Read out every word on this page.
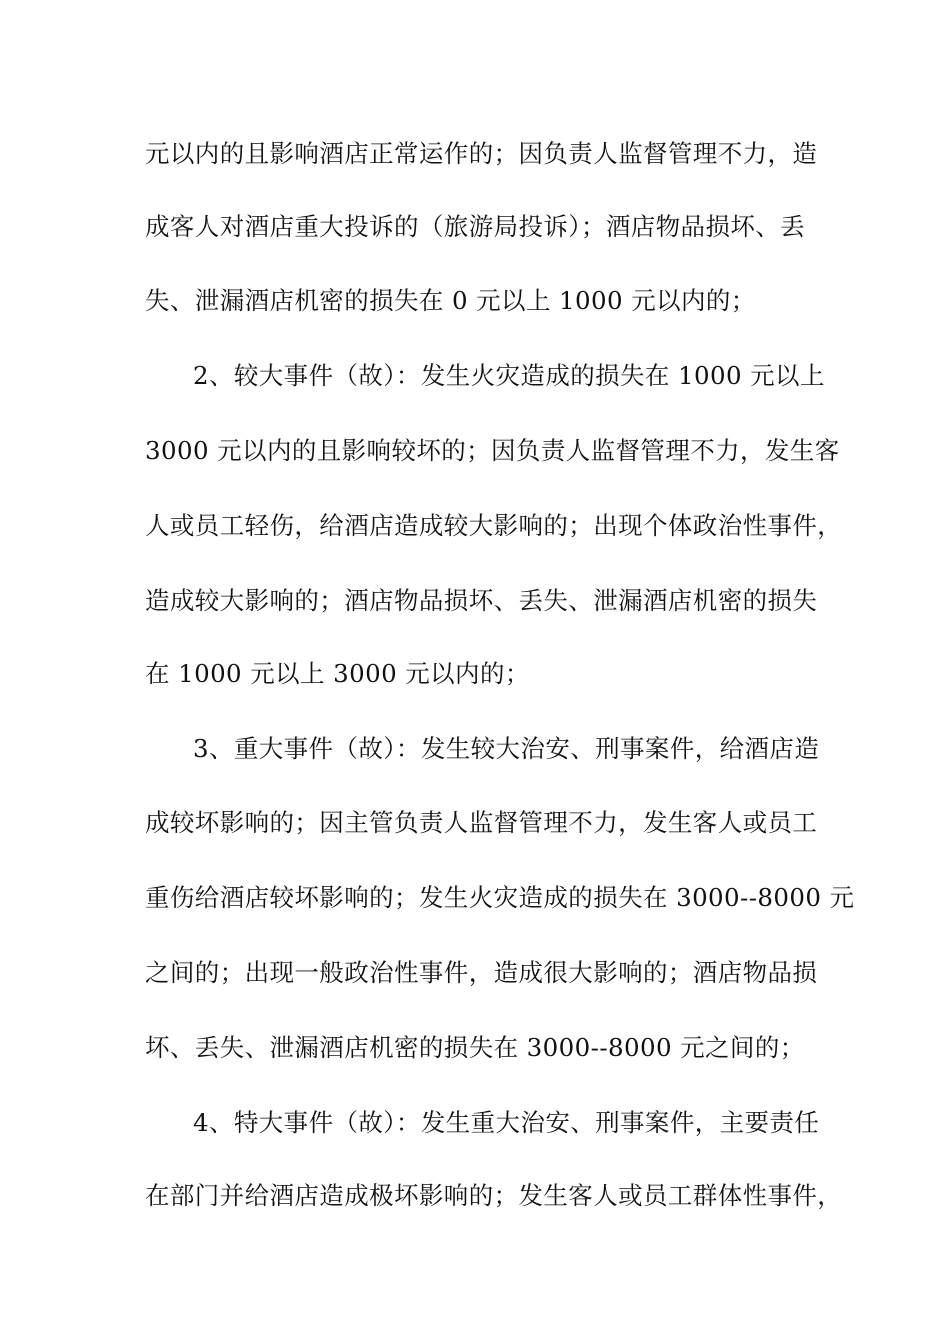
元以内的且影响酒店正常运作的；因负责人监督管理不力，造
成客人对酒店重大投诉的（旅游局投诉）；酒店物品损坏、丢
失、泄漏酒店机密的损失在 0 元以上 1000 元以内的；
2、较大事件（故）：发生火灾造成的损失在 1000 元以上
3000 元以内的且影响较坏的；因负责人监督管理不力，发生客
人或员工轻伤，给酒店造成较大影响的；出现个体政治性事件，
造成较大影响的；酒店物品损坏、丢失、泄漏酒店机密的损失
在 1000 元以上 3000 元以内的；
3、重大事件（故）：发生较大治安、刑事案件，给酒店造
成较坏影响的；因主管负责人监督管理不力，发生客人或员工
重伤给酒店较坏影响的；发生火灾造成的损失在 3000--8000 元
之间的；出现一般政治性事件，造成很大影响的；酒店物品损
坏、丢失、泄漏酒店机密的损失在 3000--8000 元之间的；
4、特大事件（故）：发生重大治安、刑事案件，主要责任
在部门并给酒店造成极坏影响的；发生客人或员工群体性事件，
